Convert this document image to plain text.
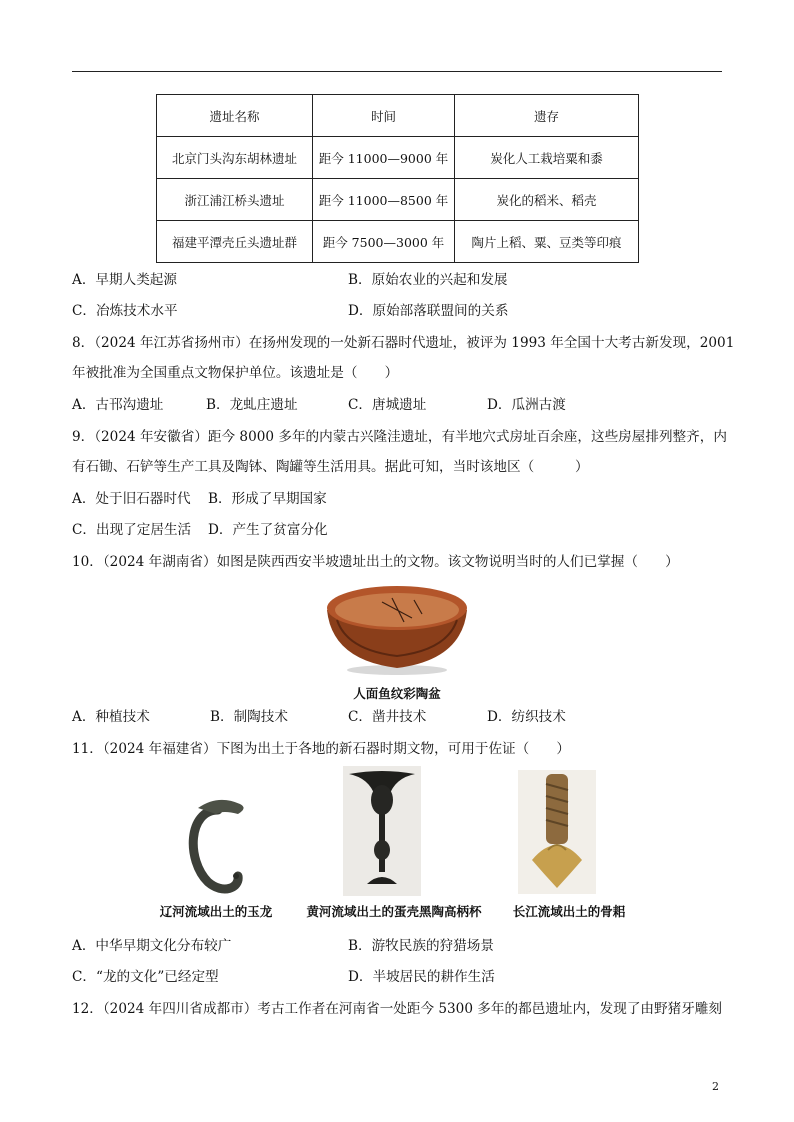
遗址名称	时间	遗存
北京门头沟东胡林遗址	距今 11000—9000 年	炭化人工栽培粟和黍
浙江浦江桥头遗址	距今 11000—8500 年	炭化的稻米、稻壳
福建平潭壳丘头遗址群	距今 7500—3000 年	陶片上稻、粟、豆类等印痕
A．早期人类起源	B．原始农业的兴起和发展
C．冶炼技术水平	D．原始部落联盟间的关系
8．（2024 年江苏省扬州市）在扬州发现的一处新石器时代遗址，被评为 1993 年全国十大考古新发现，2001
年被批准为全国重点文物保护单位。该遗址是（　　）
A．古邗沟遗址	B．龙虬庄遗址	C．唐城遗址	D．瓜洲古渡
9．（2024 年安徽省）距今 8000 多年的内蒙古兴隆洼遗址，有半地穴式房址百余座，这些房屋排列整齐，内
有石锄、石铲等生产工具及陶钵、陶罐等生活用具。据此可知，当时该地区（　　　）
A．处于旧石器时代 B．形成了早期国家
C．出现了定居生活 D．产生了贫富分化
10．（2024 年湖南省）如图是陕西西安半坡遗址出土的文物。该文物说明当时的人们已掌握（　　）
人面鱼纹彩陶盆
A．种植技术	B．制陶技术	C．凿井技术	D．纺织技术
11．（2024 年福建省）下图为出土于各地的新石器时期文物，可用于佐证（　　）
辽河流域出土的玉龙	黄河流域出土的蛋壳黑陶高柄杯	长江流域出土的骨耜
A．中华早期文化分布较广	B．游牧民族的狩猎场景
C．“龙的文化”已经定型	D．半坡居民的耕作生活
12．（2024 年四川省成都市）考古工作者在河南省一处距今 5300 多年的都邑遗址内，发现了由野猪牙雕刻
2
